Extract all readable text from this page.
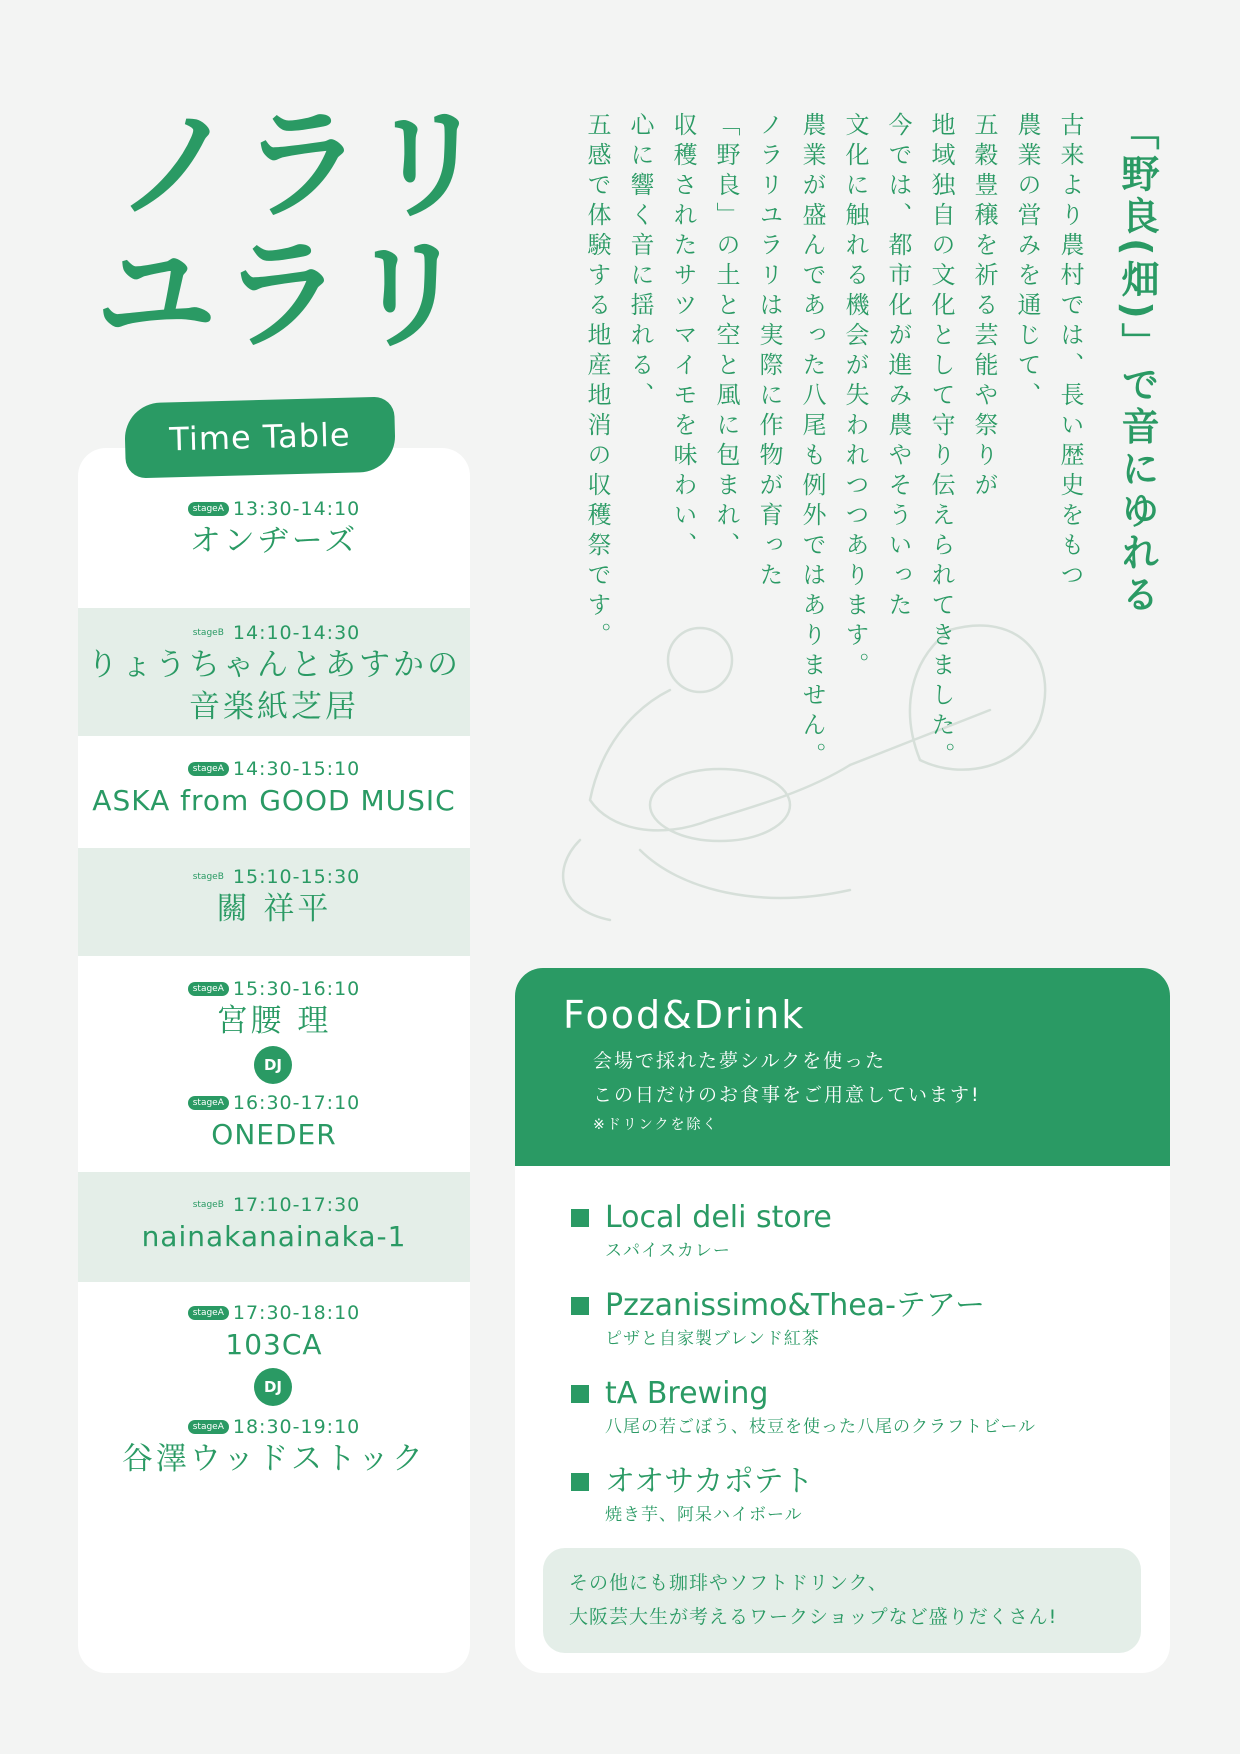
ノラリ
ユラリ
stageA 13:30-14:10
オンヂーズ
stageB 14:10-14:30
りょうちゃんとあすかの
音楽紙芝居
stageA 14:30-15:10
ASKA from GOOD MUSIC
stageB 15:10-15:30
關 祥平
stageA 15:30-16:10
宮腰 理
DJ
stageA 16:30-17:10
ONEDER
stageB 17:10-17:30
nainakanainaka-1
stageA 17:30-18:10
103CA
DJ
stageA 18:30-19:10
谷澤ウッドストック
Time Table	「野良(畑)」で音にゆれる
古来より農村では、長い歴史をもつ
農業の営みを通じて、
五穀豊穣を祈る芸能や祭りが
地域独自の文化として守り伝えられてきました。
今では、都市化が進み農やそういった
文化に触れる機会が失われつつあります。
農業が盛んであった八尾も例外ではありません。
ノラリユラリは実際に作物が育った
「野良」の土と空と風に包まれ、
収穫されたサツマイモを味わい、
心に響く音に揺れる、
五感で体験する地産地消の収穫祭です。
Food&Drink
会場で採れた夢シルクを使った
この日だけのお食事をご用意しています!
※ドリンクを除く
Local deli store
スパイスカレー
Pzzanissimo&Thea-テアー
ピザと自家製ブレンド紅茶
tA Brewing
八尾の若ごぼう、枝豆を使った八尾のクラフトビール
オオサカポテト
焼き芋、阿呆ハイボール
その他にも珈琲やソフトドリンク、
大阪芸大生が考えるワークショップなど盛りだくさん!
